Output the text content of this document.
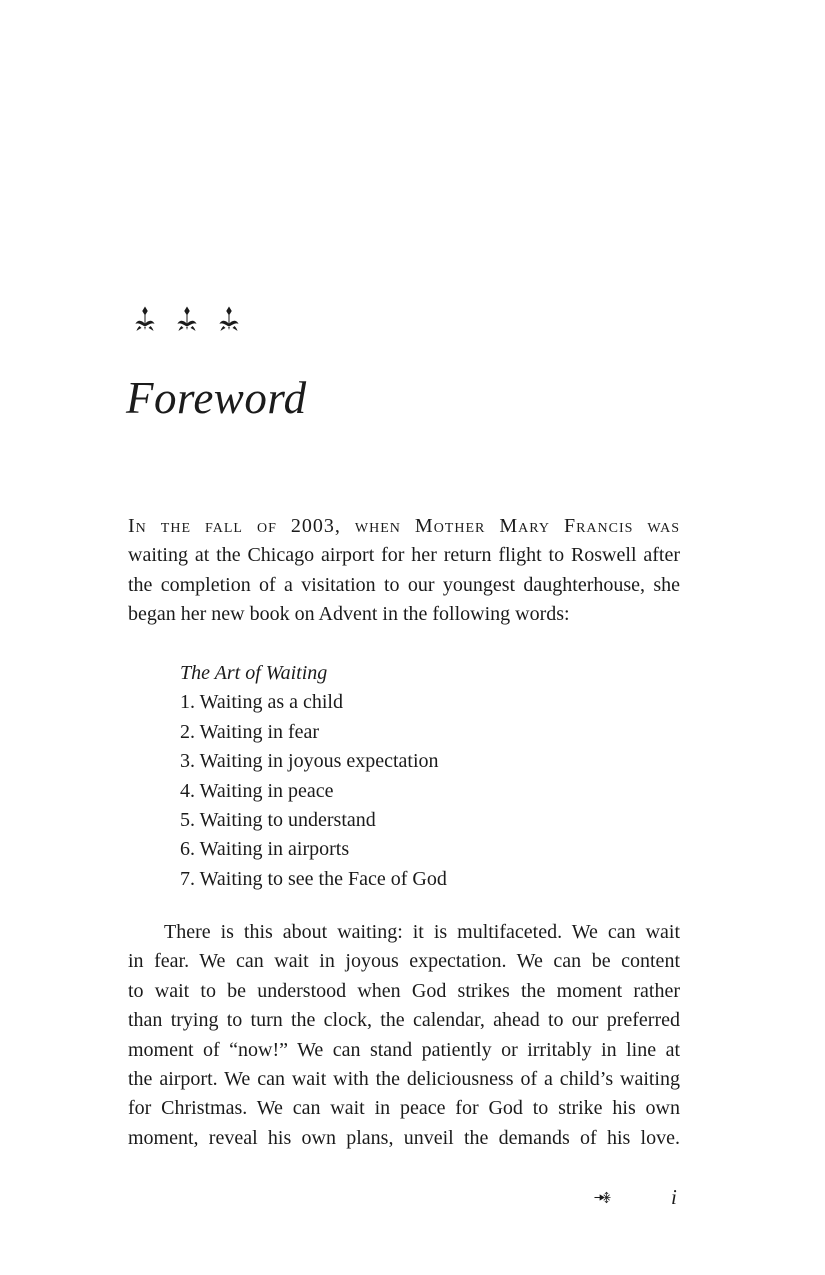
Foreword
In the fall of 2003, when Mother Mary Francis was
waiting at the Chicago airport for her return flight to Roswell after
the completion of a visitation to our youngest daughterhouse, she
began her new book on Advent in the following words:
The Art of Waiting
1. Waiting as a child
2. Waiting in fear
3. Waiting in joyous expectation
4. Waiting in peace
5. Waiting to understand
6. Waiting in airports
7. Waiting to see the Face of God
There is this about waiting: it is multifaceted. We can wait
in fear. We can wait in joyous expectation. We can be content
to wait to be understood when God strikes the moment rather
than trying to turn the clock, the calendar, ahead to our preferred
moment of “now!” We can stand patiently or irritably in line at
the airport. We can wait with the deliciousness of a child’s waiting
for Christmas. We can wait in peace for God to strike his own
moment, reveal his own plans, unveil the demands of his love.
i
